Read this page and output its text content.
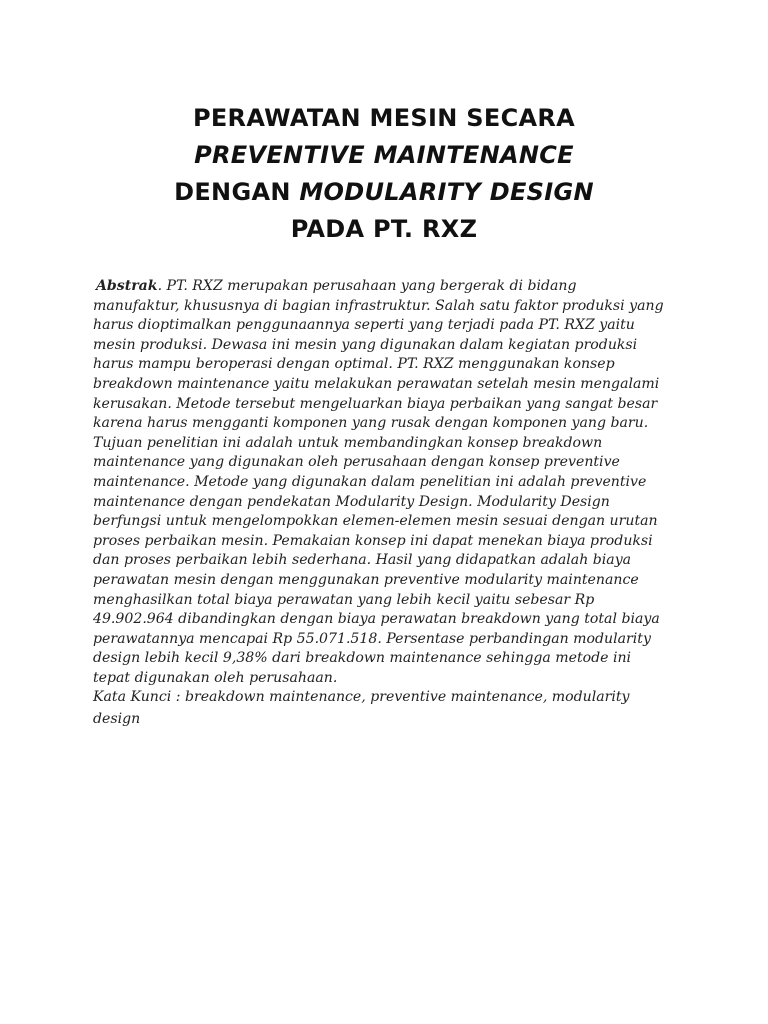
PERAWATAN MESIN SECARA
PREVENTIVE MAINTENANCE
DENGAN MODULARITY DESIGN
PADA PT. RXZ
Abstrak. PT. RXZ merupakan perusahaan yang bergerak di bidang
manufaktur, khususnya di bagian infrastruktur. Salah satu faktor produksi yang
harus dioptimalkan penggunaannya seperti yang terjadi pada PT. RXZ yaitu
mesin produksi. Dewasa ini mesin yang digunakan dalam kegiatan produksi
harus mampu beroperasi dengan optimal. PT. RXZ menggunakan konsep
breakdown maintenance yaitu melakukan perawatan setelah mesin mengalami
kerusakan. Metode tersebut mengeluarkan biaya perbaikan yang sangat besar
karena harus mengganti komponen yang rusak dengan komponen yang baru.
Tujuan penelitian ini adalah untuk membandingkan konsep breakdown
maintenance yang digunakan oleh perusahaan dengan konsep preventive
maintenance. Metode yang digunakan dalam penelitian ini adalah preventive
maintenance dengan pendekatan Modularity Design. Modularity Design
berfungsi untuk mengelompokkan elemen-elemen mesin sesuai dengan urutan
proses perbaikan mesin. Pemakaian konsep ini dapat menekan biaya produksi
dan proses perbaikan lebih sederhana. Hasil yang didapatkan adalah biaya
perawatan mesin dengan menggunakan preventive modularity maintenance
menghasilkan total biaya perawatan yang lebih kecil yaitu sebesar Rp
49.902.964 dibandingkan dengan biaya perawatan breakdown yang total biaya
perawatannya mencapai Rp 55.071.518. Persentase perbandingan modularity
design lebih kecil 9,38% dari breakdown maintenance sehingga metode ini
tepat digunakan oleh perusahaan.
Kata Kunci : breakdown maintenance, preventive maintenance, modularity
design
